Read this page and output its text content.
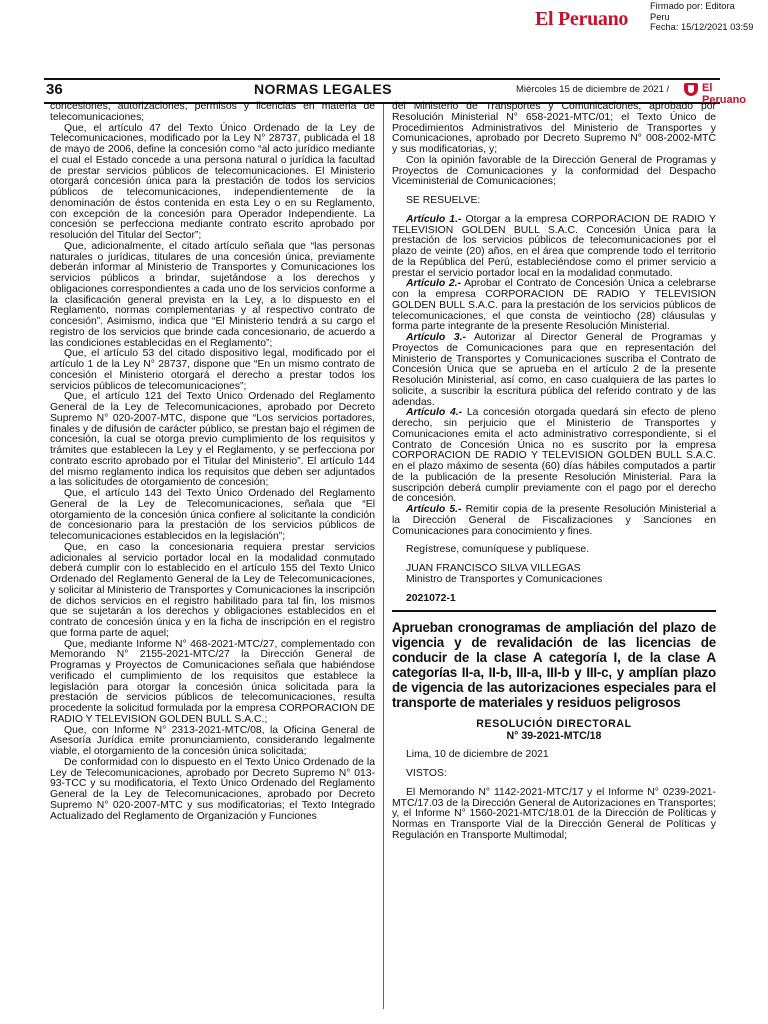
El Peruano
Firmado por: Editora
Peru
Fecha: 15/12/2021 03:59
36	NORMAS LEGALES	Miércoles 15 de diciembre de 2021 /	El Peruano

concesiones, autorizaciones, permisos y licencias en materia de telecomunicaciones;

Que, el artículo 47 del Texto Único Ordenado de la Ley de Telecomunicaciones, modificado por la Ley N° 28737, publicada el 18 de mayo de 2006, define la concesión como “al acto jurídico mediante el cual el Estado concede a una persona natural o jurídica la facultad de prestar servicios públicos de telecomunicaciones. El Ministerio otorgará concesión única para la prestación de todos los servicios públicos de telecomunicaciones, independientemente de la denominación de éstos contenida en esta Ley o en su Reglamento, con excepción de la concesión para Operador Independiente. La concesión se perfecciona mediante contrato escrito aprobado por resolución del Titular del Sector”;

Que, adicionalmente, el citado artículo señala que “las personas naturales o jurídicas, titulares de una concesión única, previamente deberán informar al Ministerio de Transportes y Comunicaciones los servicios públicos a brindar, sujetándose a los derechos y obligaciones correspondientes a cada uno de los servicios conforme a la clasificación general prevista en la Ley, a lo dispuesto en el Reglamento, normas complementarias y al respectivo contrato de concesión”. Asimismo, indica que “El Ministerio tendrá a su cargo el registro de los servicios que brinde cada concesionario, de acuerdo a las condiciones establecidas en el Reglamento”;

Que, el artículo 53 del citado dispositivo legal, modificado por el artículo 1 de la Ley N° 28737, dispone que “En un mismo contrato de concesión el Ministerio otorgará el derecho a prestar todos los servicios públicos de telecomunicaciones”;

Que, el artículo 121 del Texto Único Ordenado del Reglamento General de la Ley de Telecomunicaciones, aprobado por Decreto Supremo N° 020-2007-MTC, dispone que “Los servicios portadores, finales y de difusión de carácter público, se prestan bajo el régimen de concesión, la cual se otorga previo cumplimiento de los requisitos y trámites que establecen la Ley y el Reglamento, y se perfecciona por contrato escrito aprobado por el Titular del Ministerio”. El artículo 144 del mismo reglamento indica los requisitos que deben ser adjuntados a las solicitudes de otorgamiento de concesión;

Que, el artículo 143 del Texto Único Ordenado del Reglamento General de la Ley de Telecomunicaciones, señala que “El otorgamiento de la concesión única confiere al solicitante la condición de concesionario para la prestación de los servicios públicos de telecomunicaciones establecidos en la legislación”;

Que, en caso la concesionaria requiera prestar servicios adicionales al servicio portador local en la modalidad conmutado deberá cumplir con lo establecido en el artículo 155 del Texto Único Ordenado del Reglamento General de la Ley de Telecomunicaciones, y solicitar al Ministerio de Transportes y Comunicaciones la inscripción de dichos servicios en el registro habilitado para tal fin, los mismos que se sujetarán a los derechos y obligaciones establecidos en el contrato de concesión única y en la ficha de inscripción en el registro que forma parte de aquel;

Que, mediante Informe N° 468-2021-MTC/27, complementado con Memorando N° 2155-2021-MTC/27 la Dirección General de Programas y Proyectos de Comunicaciones señala que habiéndose verificado el cumplimiento de los requisitos que establece la legislación para otorgar la concesión única solicitada para la prestación de servicios públicos de telecomunicaciones, resulta procedente la solicitud formulada por la empresa CORPORACION DE RADIO Y TELEVISION GOLDEN BULL S.A.C.;

Que, con Informe N° 2313-2021-MTC/08, la Oficina General de Asesoría Jurídica emite pronunciamiento, considerando legalmente viable, el otorgamiento de la concesión única solicitada;

De conformidad con lo dispuesto en el Texto Único Ordenado de la Ley de Telecomunicaciones, aprobado por Decreto Supremo N° 013-93-TCC y su modificatoria, el Texto Único Ordenado del Reglamento General de la Ley de Telecomunicaciones, aprobado por Decreto Supremo N° 020-2007-MTC y sus modificatorias; el Texto Integrado Actualizado del Reglamento de Organización y Funciones

del Ministerio de Transportes y Comunicaciones, aprobado por Resolución Ministerial N° 658-2021-MTC/01; el Texto Único de Procedimientos Administrativos del Ministerio de Transportes y Comunicaciones, aprobado por Decreto Supremo N° 008-2002-MTC y sus modificatorias, y;

Con la opinión favorable de la Dirección General de Programas y Proyectos de Comunicaciones y la conformidad del Despacho Viceministerial de Comunicaciones;

SE RESUELVE:

Artículo 1.- Otorgar a la empresa CORPORACION DE RADIO Y TELEVISION GOLDEN BULL S.A.C. Concesión Única para la prestación de los servicios públicos de telecomunicaciones por el plazo de veinte (20) años, en el área que comprende todo el territorio de la República del Perú, estableciéndose como el primer servicio a prestar el servicio portador local en la modalidad conmutado.

Artículo 2.- Aprobar el Contrato de Concesión Única a celebrarse con la empresa CORPORACION DE RADIO Y TELEVISION GOLDEN BULL S.A.C. para la prestación de los servicios públicos de telecomunicaciones, el que consta de veintiocho (28) cláusulas y forma parte integrante de la presente Resolución Ministerial.

Artículo 3.- Autorizar al Director General de Programas y Proyectos de Comunicaciones para que en representación del Ministerio de Transportes y Comunicaciones suscriba el Contrato de Concesión Única que se aprueba en el artículo 2 de la presente Resolución Ministerial, así como, en caso cualquiera de las partes lo solicite, a suscribir la escritura pública del referido contrato y de las adendas.

Artículo 4.- La concesión otorgada quedará sin efecto de pleno derecho, sin perjuicio que el Ministerio de Transportes y Comunicaciones emita el acto administrativo correspondiente, si el Contrato de Concesión Única no es suscrito por la empresa CORPORACION DE RADIO Y TELEVISION GOLDEN BULL S.A.C. en el plazo máximo de sesenta (60) días hábiles computados a partir de la publicación de la presente Resolución Ministerial. Para la suscripción deberá cumplir previamente con el pago por el derecho de concesión.

Artículo 5.- Remitir copia de la presente Resolución Ministerial a la Dirección General de Fiscalizaciones y Sanciones en Comunicaciones para conocimiento y fines.

Regístrese, comuníquese y publíquese.

JUAN FRANCISCO SILVA VILLEGAS

Ministro de Transportes y Comunicaciones

2021072-1

Aprueban cronogramas de ampliación del plazo de vigencia y de revalidación de las licencias de conducir de la clase A categoría I, de la clase A categorías II-a, II-b, III-a, III-b y III-c, y amplían plazo de vigencia de las autorizaciones especiales para el transporte de materiales y residuos peligrosos

RESOLUCIÓN DIRECTORAL

N° 39-2021-MTC/18

Lima, 10 de diciembre de 2021

VISTOS:

El Memorando N° 1142-2021-MTC/17 y el Informe N° 0239-2021-MTC/17.03 de la Dirección General de Autorizaciones en Transportes; y, el Informe N° 1560-2021-MTC/18.01 de la Dirección de Políticas y Normas en Transporte Vial de la Dirección General de Políticas y Regulación en Transporte Multimodal;
